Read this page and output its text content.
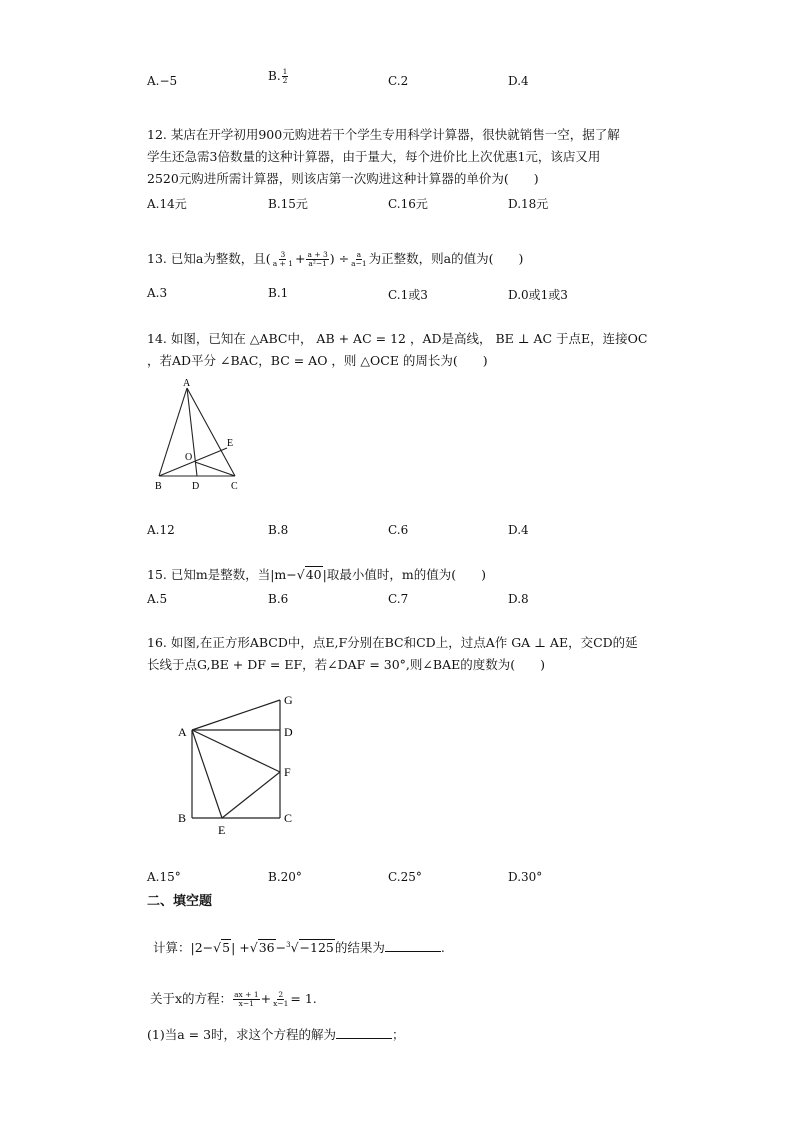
A.−5	B. $\frac{1}{2}$	C.2	D.4
12. 某店在开学初用900元购进若干个学生专用科学计算器，很快就销售一空，据了解
学生还急需3倍数量的这种计算器，由于量大，每个进价比上次优惠1元，该店又用
2520元购进所需计算器，则该店第一次购进这种计算器的单价为(　　)
A.14元	B.15元	C.16元	D.18元
13. 已知a为整数，且( $\frac{3}{a + 1} + \frac{a + 3}{\text{a²−1}}$ ) ÷ $\frac{a}{a-1}$ 为正整数，则a的值为(　　)
A.3	B.1	C.1或3	D.0或1或3
14. 如图，已知在 △ABC中， AB + AC = 12 ，AD是高线， BE ⊥ AC 于点E，连接OC
，若AD平分 ∠BAC，BC = AO ，则 △OCE 的周长为(　　)
A
B	D	C
E
O
A.12	B.8	C.6	D.4
15. 已知m是整数，当|m−√40|取最小值时，m的值为(　　)
A.5	B.6	C.7	D.8
16. 如图,在正方形ABCD中，点E,F分别在BC和CD上，过点A作 GA ⊥ AE，交CD的延
长线于点G,BE + DF = EF，若∠DAF = 30°,则∠BAE的度数为(　　)
A
B	C
D
E
F
G
A.15°	B.20°	C.25°	D.30°
二、填空题
计算：|2−√5| +√36−$^3$√−125的结果为	.
关于x的方程： $\frac{ax + 1}{x-1} + \frac{2}{x-1} = 1$.
(1)当a = 3时，求这个方程的解为	；
